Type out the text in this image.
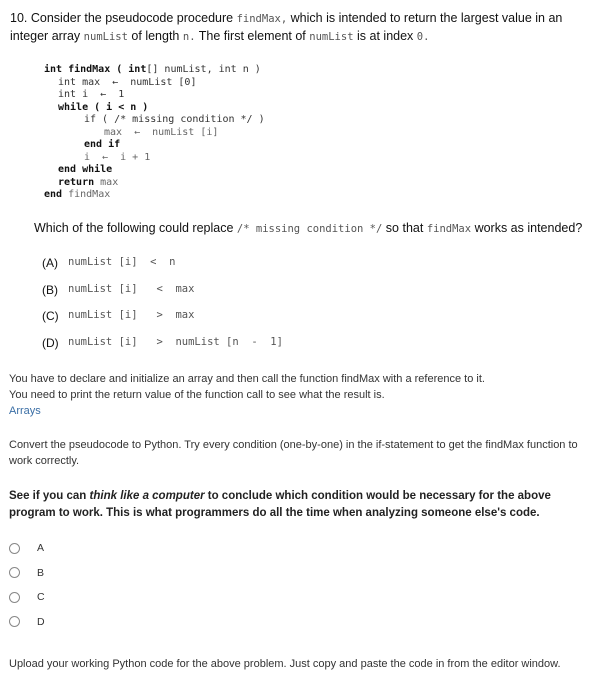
10. Consider the pseudocode procedure findMax, which is intended to return the largest value in an integer array numList of length n. The first element of numList is at index 0.
int findMax ( int[] numList, int n )
int max  ←  numList [0]
int i  ←  1
while ( i < n )
if ( /* missing condition */ )
max  ←  numList [i]
end if
i  ←  i + 1
end while
return max
end findMax
Which of the following could replace /* missing condition */ so that findMax works as intended?
(A) numList [i]  <  n
(B) numList [i]   <  max
(C) numList [i]   >  max
(D) numList [i]   >  numList [n  -  1]
You have to declare and initialize an array and then call the function findMax with a reference to it.
You need to print the return value of the function call to see what the result is.
Arrays
Convert the pseudocode to Python. Try every condition (one-by-one) in the if-statement to get the findMax function to work correctly.
See if you can think like a computer to conclude which condition would be necessary for the above program to work. This is what programmers do all the time when analyzing someone else's code.
A
B
C
D
Upload your working Python code for the above problem. Just copy and paste the code in from the editor window.
